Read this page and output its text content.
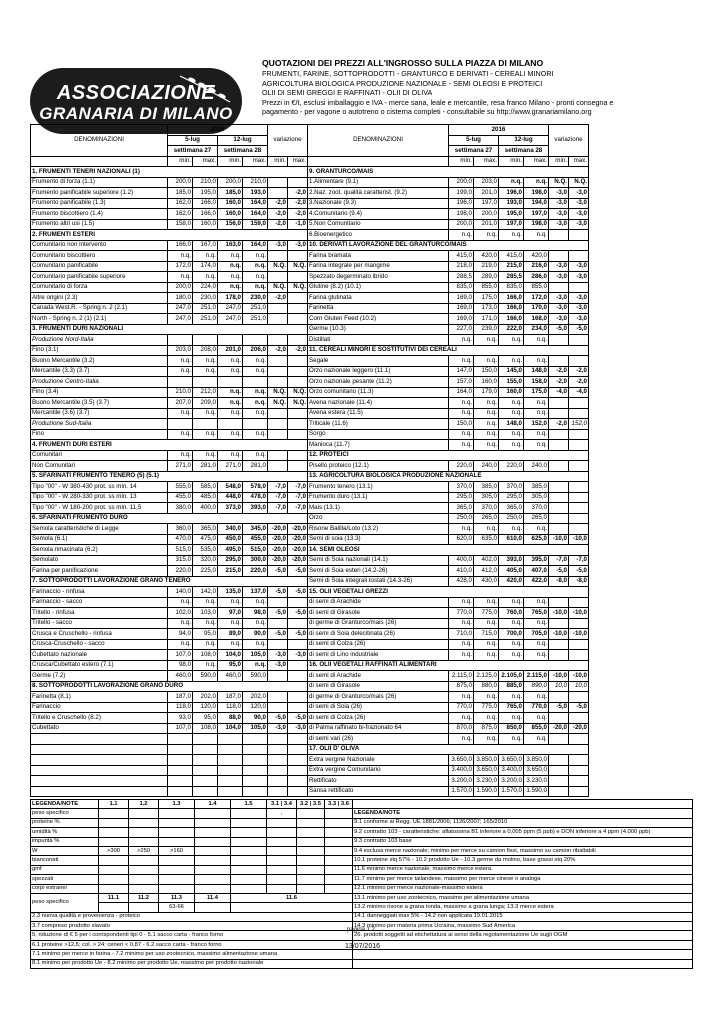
ASSOCIAZIONE
GRANARIA DI MILANO
QUOTAZIONI DEI PREZZI ALL'INGROSSO SULLA PIAZZA DI MILANO
FRUMENTI, FARINE, SOTTOPRODOTTI - GRANTURCO E DERIVATI - CEREALI MINORI
AGRICOLTURA BIOLOGICA PRODUZIONE NAZIONALE - SEMI OLEOSI E PROTEICI
OLII DI SEMI GREGGI E RAFFINATI - OLII DI OLIVA
Prezzi in €/t, esclusi imballaggio e IVA - merce sana, leale e mercantile, resa franco Milano - pronti consegna e
pagamento - per vagone o autotreno o cisterna completi - consultabile su http://www.granariamilano.org
DENOMINAZIONI	2016				variazione		DENOMINAZIONI	2016				variazione	
	5-lug		12-lug					5-lug		12-lug			
	settimana 27		settimana 28					settimana 27		settimana 28			
	min.	max.	min.	max.	min.	max.		min.	max.	min.	max.	min.	max.
1. FRUMENTI TENERI NAZIONALI (1)							9. GRANTURCO/MAIS						
Frumento di forza (1.1)	200,0	210,0	200,0	210,0			1.Alimentare (9.1)	200,0	203,0	n.q.	n.q.	N.Q.	N.Q.
Frumento panificabile superiore (1.2)	185,0	195,0	185,0	193,0		-2,0	2.Naz. zoot. qualità caratterist. (9.2)	199,0	201,0	196,0	198,0	-3,0	-3,0
Frumento panificabile (1.3)	162,0	166,0	160,0	164,0	-2,0	-2,0	3.Nazionale (9.3)	196,0	197,0	193,0	194,0	-3,0	-3,0
Frumento biscottiero (1.4)	162,0	166,0	160,0	164,0	-2,0	-2,0	4.Comunitario (9.4)	198,0	200,0	195,0	197,0	-3,0	-3,0
Frumento altri usi (1.5)	158,0	160,0	156,0	159,0	-2,0	-1,0	5.Non Comunitario	200,0	201,0	197,0	198,0	-3,0	-3,0
2. FRUMENTI ESTERI							6.Bioenergetico	n.q.	n.q.	n.q.	n.q.		
Comunitario non intervento	166,0	167,0	163,0	164,0	-3,0	-3,0	10. DERIVATI LAVORAZIONE DEL GRANTURCO/MAIS						
Comunitario biscottiero	n.q.	n.q.	n.q.	n.q.			Farina bramata	415,0	420,0	415,0	420,0		
Comunitario panificabile	172,0	174,0	n.q.	n.q.	N.Q.	N.Q.	Farina integrale per mangime	218,0	219,0	215,0	216,0	-3,0	-3,0
Comunitario panificabile superiore	n.q.	n.q.	n.q.	n.q.			Spezzato degerminato ibrido	288,5	289,0	285,5	286,0	-3,0	-3,0
Comunitario di forza	200,0	224,0	n.q.	n.q.	N.Q.	N.Q.	Glutine (8.2) (10.1)	835,0	855,0	835,0	855,0		
Altre origini (2.3)	180,0	230,0	178,0	230,0	-2,0		Farina glutinata	169,0	175,0	166,0	172,0	-3,0	-3,0
Canada West.R. - Spring n. 2 (2.1)	247,0	251,0	247,0	251,0			Farinetta	169,0	173,0	166,0	170,0	-3,0	-3,0
North - Spring n. 2 (1) (2.1)	247,0	251,0	247,0	251,0			Corn Gluten Feed (10.2)	169,0	171,0	166,0	168,0	-3,0	-3,0
3. FRUMENTI DURI NAZIONALI							Germe (10.3)	227,0	239,0	222,0	234,0	-5,0	-5,0
Produzione Nord-Italia							Distillati	n.q.	n.q.	n.q.	n.q.		
Fino (3.1)	203,0	208,0	201,0	206,0	-2,0	-2,0	11. CEREALI MINORI E SOSTITUTIVI DEI CEREALI						
Buono Mercantile (3.2)	n.q.	n.q.	n.q.	n.q.			Segale	n.q.	n.q.	n.q.	n.q.		
Mercantile (3.3) (3.7)	n.q.	n.q.	n.q.	n.q.			Orzo nazionale leggero (11.1)	147,0	150,0	145,0	148,0	-2,0	-2,0
Produzione Centro-Italia							Orzo nazionale pesante (11.2)	157,0	160,0	155,0	158,0	-2,0	-2,0
Fino (3.4)	210,0	212,0	n.q.	n.q.	N.Q.	N.Q.	Orzo comunitario (11.3)	164,0	179,0	160,0	175,0	-4,0	-4,0
Buono Mercantile (3.5) (3.7)	207,0	209,0	n.q.	n.q.	N.Q.	N.Q.	Avena nazionale (11.4)	n.q.	n.q.	n.q.	n.q.		
Mercantile (3.6) (3.7)	n.q.	n.q.	n.q.	n.q.			Avena estera (11.5)	n.q.	n.q.	n.q.	n.q.		
Produzione Sud-Italia							Triticale (11.6)	150,0	n.q.	148,0	152,0	-2,0	152,0
Fino	n.q.	n.q.	n.q.	n.q.			Sorgo	n.q.	n.q.	n.q.	n.q.		
4. FRUMENTI DURI ESTERI							Manioca (11.7)	n.q.	n.q.	n.q.	n.q.		
Comunitari	n.q.	n.q.	n.q.	n.q.			12. PROTEICI						
Non Comunitari	271,0	281,0	271,0	281,0			Pisello proteico (12.1)	220,0	240,0	220,0	240,0		
5. SFARINATI FRUMENTO TENERO (5) (5.1)							13. AGRICOLTURA BIOLOGICA PRODUZIONE NAZIONALE						
Tipo "00" - W 380-430 prot. ss min. 14	555,0	585,0	548,0	578,0	-7,0	-7,0	Frumento tenero (13.1)	370,0	385,0	370,0	385,0		
Tipo "00" - W 280-330 prot. ss min. 13	455,0	485,0	448,0	478,0	-7,0	-7,0	Frumento duro (13.1)	295,0	305,0	295,0	305,0		
Tipo "00" - W 180-200 prot. ss min. 11,5	380,0	400,0	373,0	393,0	-7,0	-7,0	Mais (13.1)	365,0	370,0	365,0	370,0		
6. SFARINATI FRUMENTO DURO							Orzo	250,0	265,0	250,0	265,0		
Semola caratteristiche di Legge	360,0	365,0	340,0	345,0	-20,0	-20,0	Risone Balilla/Loto (13.2)	n.q.	n.q.	n.q.	n.q.		
Semola (6.1)	470,0	475,0	450,0	455,0	-20,0	-20,0	Semi di soia (13.3)	620,0	635,0	610,0	625,0	-10,0	-10,0
Semola rimacinata (6.2)	515,0	535,0	495,0	515,0	-20,0	-20,0	14. SEMI OLEOSI						
Semolato	315,0	320,0	295,0	300,0	-20,0	-20,0	Semi di Soia nazionali (14.1)	400,0	402,0	393,0	395,0	-7,0	-7,0
Farina per panificazione	220,0	225,0	215,0	220,0	-5,0	-5,0	Semi di Soia esteri (14.2-26)	410,0	412,0	405,0	407,0	-5,0	-5,0
7. SOTTOPRODOTTI LAVORAZIONE GRANO TENERO							Semi di Soia integrali tostati (14.3-26)	428,0	430,0	420,0	422,0	-8,0	-8,0
Farinaccio - rinfusa	140,0	142,0	135,0	137,0	-5,0	-5,0	15. OLII VEGETALI GREZZI						
Farinaccio - sacco	n.q.	n.q.	n.q.	n.q.			di semi di Arachide	n.q.	n.q.	n.q.	n.q.		
Tritello - rinfusa	102,0	103,0	97,0	98,0	-5,0	-5,0	di semi di Girasole	770,0	775,0	760,0	765,0	-10,0	-10,0
Tritello - sacco	n.q.	n.q.	n.q.	n.q.			di germe di Granturco/mais (26)	n.q.	n.q.	n.q.	n.q.		
Crusca e Cruschello - rinfusa	94,0	95,0	89,0	90,0	-5,0	-5,0	di semi di Soia delecitinata (26)	710,0	715,0	700,0	705,0	-10,0	-10,0
Crusca-Cruschello - sacco	n.q.	n.q.	n.q.	n.q.			di semi di Colza (26)	n.q.	n.q.	n.q.	n.q.		
Cubettato nazionale	107,0	108,0	104,0	105,0	-3,0	-3,0	di semi di Lino industriale	n.q.	n.q.	n.q.	n.q.		
Crusca/Cubettato estero (7.1)	98,0	n.q.	95,0	n.q.	-3,0		16. OLII VEGETALI RAFFINATI ALIMENTARI						
Germe (7.2)	460,0	590,0	460,0	590,0			di semi di Arachide	2.115,0	2.125,0	2.105,0	2.115,0	-10,0	-10,0
8. SOTTOPRODOTTI LAVORAZIONE GRANO DURO							di semi di Girasole	875,0	880,0	885,0	890,0	10,0	10,0
Farinetta (8.1)	187,0	202,0	187,0	202,0			di germe di Granturco/mais (26)	n.q.	n.q.	n.q.	n.q.		
Farinaccio	118,0	120,0	118,0	120,0			di semi di Soia (26)	770,0	775,0	765,0	770,0	-5,0	-5,0
Tritello e Cruschello (8.2)	93,0	95,0	88,0	90,0	-5,0	-5,0	di semi di Colza (26)	n.q.	n.q.	n.q.	n.q.		
Cubettato	107,0	108,0	104,0	105,0	-3,0	-3,0	di Palma raffinato bi-frazionato 64	870,0	875,0	850,0	855,0	-20,0	-20,0
							di semi vari (26)	n.q.	n.q.	n.q.	n.q.		
							17. OLII D' OLIVA						
							Extra vergine Nazionale	3.650,0	3.850,0	3.650,0	3.850,0		
							Extra vergine Comunitario	3.400,0	3.650,0	3.400,0	3.650,0		
							Rettificato	3.200,0	3.230,0	3.200,0	3.230,0		
							Sansa rettificato	1.570,0	1.590,0	1.570,0	1.590,0		
LEGENDA/NOTE	1.1	1.2	1.3	1.4	1.5	3.1 | 3.4	3.2 | 3.5	3.3 | 3.6	
peso specifico						,			LEGENDA/NOTE
proteine %									9.1 conforme ai Regg. UE 1881/2006; 1126/2007; 165/2010
umidità %									9.2 contratto 103 - caratteristiche: aflatossina B1 inferiore a 0,005 ppm (5 ppb) e DON inferiore a 4 ppm (4.000 ppb)
impurità %									9.3 contratto 103 base
W	>300	>250	>160						9.4 esclusa merce nazionale; minimo per merce su camion fissi, massimo su camion ribaltabili
bianconati									10.1 proteine stq 57% - 10.2 prodotto Ue - 10.3 germe da molino, base grassi stq 20%
gmf									11.6 minimo merce nazionale, massimo merce estera.
spezzati									11.7 minimo per merce tailandese, massimo per merce cinese o analoga
corpi estranei									12.1 minimo per merce nazionale-massimo estera
peso specifico	11.1	11.2	11.3	11.4	11.6				13.1 minimo per uso zootecnico, massimo per alimentazione umana
			63-66						13.2 minimo risone a grana tonda, massimo a grana lunga; 13.3 merce estera
2.3 nuova qualità e provenienza - proteico									14.1 danneggiati max 5% - 14.2 non applicata 19.01.2015
3.7 compreso prodotto slavato									14.3 minimo per materia prima Ucraina, massimo Sud America
5. riduzione di € 5 per i corrispondenti tipi 0 - 5.1 sacco carta - franco forno									26. prodotti soggetti ad etichettatura ai sensi della regolamentazione Ue sugli OGM
6.1 proteine >12,5; col. > 24; ceneri < 0,87 - 6.2 sacco carta - franco forno									
7.1 minimo per merce in farina - 7.2 minimo per uso zootecnico, massimo alimentazione umana									
8.1 minimo per prodotto Ue - 8.2 minimo per prodotto Ue, massimo per prodotto nazionale									
pagina 1:2
13/07/2016
